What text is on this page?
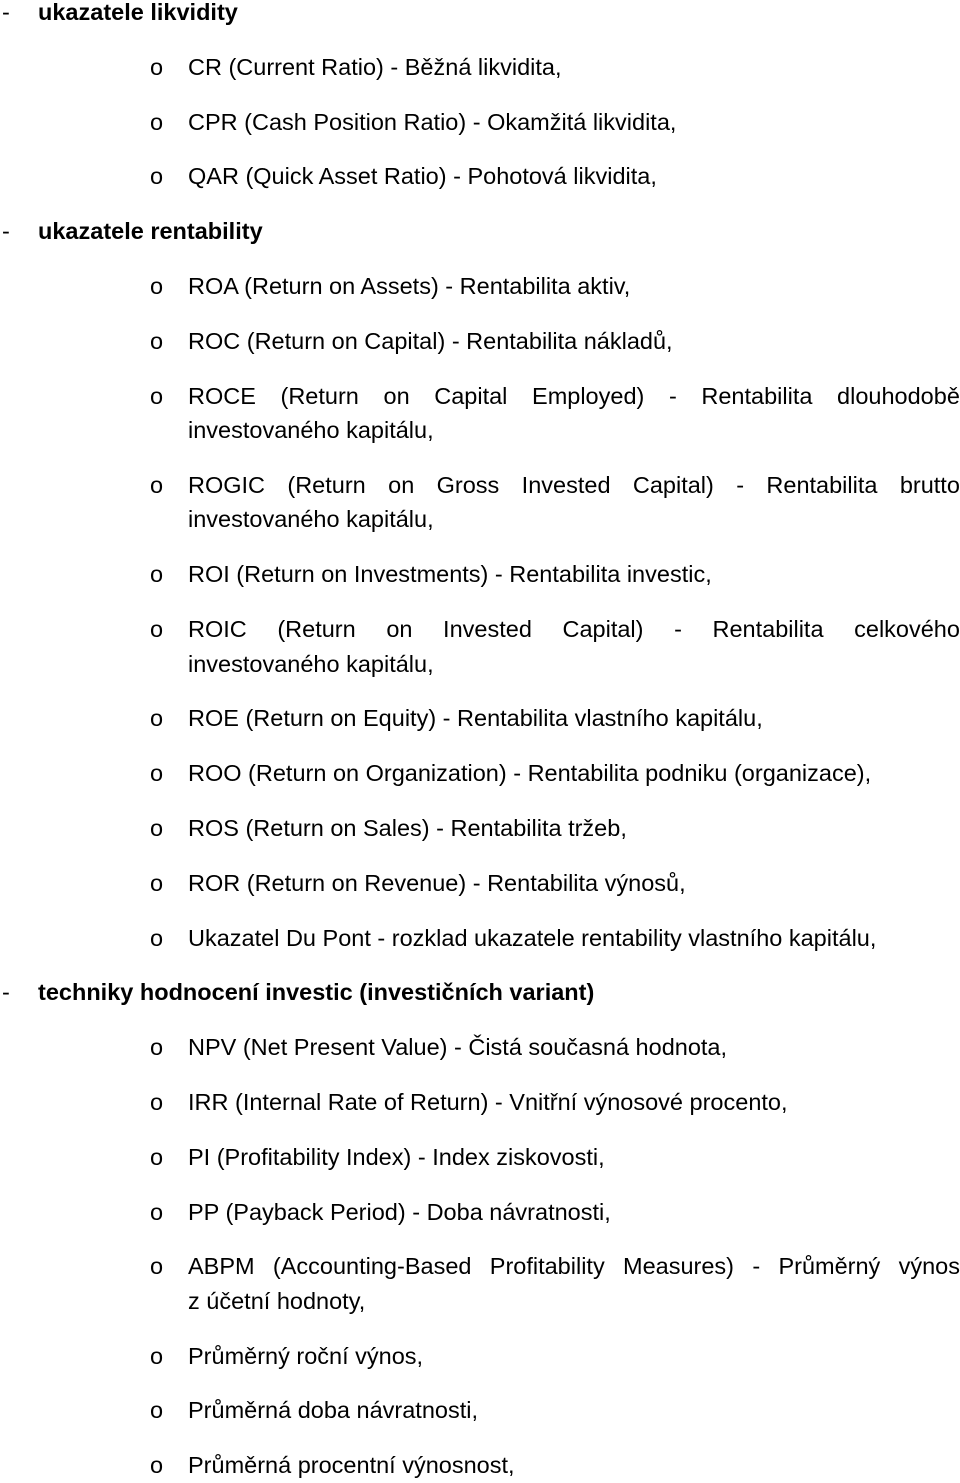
- ukazatele likvidity
o CR (Current Ratio) - Běžná likvidita,
o CPR (Cash Position Ratio) - Okamžitá likvidita,
o QAR (Quick Asset Ratio) - Pohotová likvidita,
- ukazatele rentability
o ROA (Return on Assets) - Rentabilita aktiv,
o ROC (Return on Capital) - Rentabilita nákladů,
o ROCE (Return on Capital Employed) - Rentabilita dlouhodobě
investovaného kapitálu,
o ROGIC (Return on Gross Invested Capital) - Rentabilita brutto
investovaného kapitálu,
o ROI (Return on Investments) - Rentabilita investic,
o ROIC (Return on Invested Capital) - Rentabilita celkového
investovaného kapitálu,
o ROE (Return on Equity) - Rentabilita vlastního kapitálu,
o ROO (Return on Organization) - Rentabilita podniku (organizace),
o ROS (Return on Sales) - Rentabilita tržeb,
o ROR (Return on Revenue) - Rentabilita výnosů,
o Ukazatel Du Pont - rozklad ukazatele rentability vlastního kapitálu,
- techniky hodnocení investic (investičních variant)
o NPV (Net Present Value) - Čistá současná hodnota,
o IRR (Internal Rate of Return) - Vnitřní výnosové procento,
o PI (Profitability Index) - Index ziskovosti,
o PP (Payback Period) - Doba návratnosti,
o ABPM (Accounting-Based Profitability Measures) - Průměrný výnos
z účetní hodnoty,
o Průměrný roční výnos,
o Průměrná doba návratnosti,
o Průměrná procentní výnosnost,
